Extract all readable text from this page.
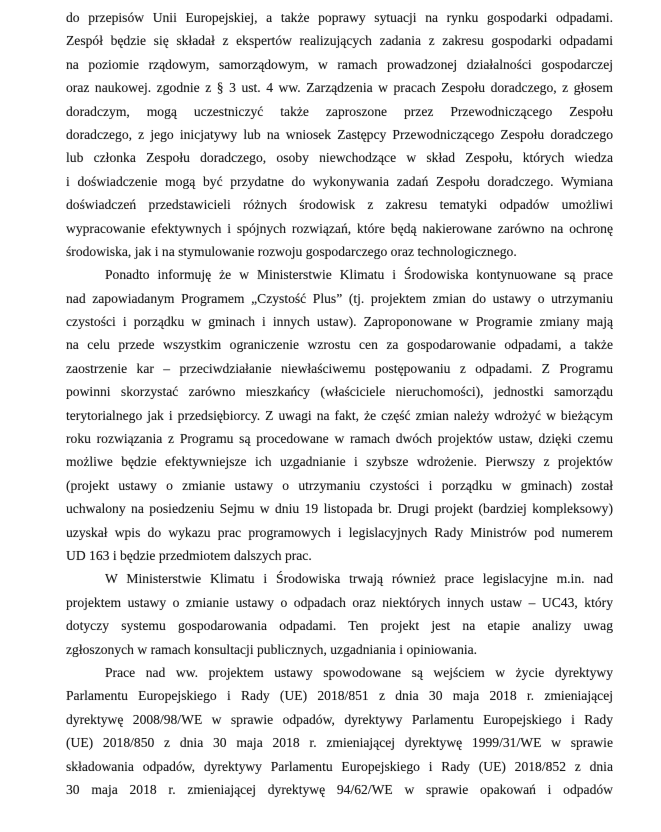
do przepisów Unii Europejskiej, a także poprawy sytuacji na rynku gospodarki odpadami.
Zespół będzie się składał z ekspertów realizujących zadania z zakresu gospodarki odpadami
na poziomie rządowym, samorządowym, w ramach prowadzonej działalności gospodarczej
oraz naukowej. zgodnie z § 3 ust. 4 ww. Zarządzenia w pracach Zespołu doradczego, z głosem
doradczym, mogą uczestniczyć także zaproszone przez Przewodniczącego Zespołu
doradczego, z jego inicjatywy lub na wniosek Zastępcy Przewodniczącego Zespołu doradczego
lub członka Zespołu doradczego, osoby niewchodzące w skład Zespołu, których wiedza
i doświadczenie mogą być przydatne do wykonywania zadań Zespołu doradczego. Wymiana
doświadczeń przedstawicieli różnych środowisk z zakresu tematyki odpadów umożliwi
wypracowanie efektywnych i spójnych rozwiązań, które będą nakierowane zarówno na ochronę
środowiska, jak i na stymulowanie rozwoju gospodarczego oraz technologicznego.
Ponadto informuję że w Ministerstwie Klimatu i Środowiska kontynuowane są prace
nad zapowiadanym Programem „Czystość Plus” (tj. projektem zmian do ustawy o utrzymaniu
czystości i porządku w gminach i innych ustaw). Zaproponowane w Programie zmiany mają
na celu przede wszystkim ograniczenie wzrostu cen za gospodarowanie odpadami, a także
zaostrzenie kar – przeciwdziałanie niewłaściwemu postępowaniu z odpadami. Z Programu
powinni skorzystać zarówno mieszkańcy (właściciele nieruchomości), jednostki samorządu
terytorialnego jak i przedsiębiorcy. Z uwagi na fakt, że część zmian należy wdrożyć w bieżącym
roku rozwiązania z Programu są procedowane w ramach dwóch projektów ustaw, dzięki czemu
możliwe będzie efektywniejsze ich uzgadnianie i szybsze wdrożenie. Pierwszy z projektów
(projekt ustawy o zmianie ustawy o utrzymaniu czystości i porządku w gminach) został
uchwalony na posiedzeniu Sejmu w dniu 19 listopada br. Drugi projekt (bardziej kompleksowy)
uzyskał wpis do wykazu prac programowych i legislacyjnych Rady Ministrów pod numerem
UD 163 i będzie przedmiotem dalszych prac.
W Ministerstwie Klimatu i Środowiska trwają również prace legislacyjne m.in. nad
projektem ustawy o zmianie ustawy o odpadach oraz niektórych innych ustaw – UC43, który
dotyczy systemu gospodarowania odpadami. Ten projekt jest na etapie analizy uwag
zgłoszonych w ramach konsultacji publicznych, uzgadniania i opiniowania.
Prace nad ww. projektem ustawy spowodowane są wejściem w życie dyrektywy
Parlamentu Europejskiego i Rady (UE) 2018/851 z dnia 30 maja 2018 r. zmieniającej
dyrektywę 2008/98/WE w sprawie odpadów, dyrektywy Parlamentu Europejskiego i Rady
(UE) 2018/850 z dnia 30 maja 2018 r. zmieniającej dyrektywę 1999/31/WE w sprawie
składowania odpadów, dyrektywy Parlamentu Europejskiego i Rady (UE) 2018/852 z dnia
30 maja 2018 r. zmieniającej dyrektywę 94/62/WE w sprawie opakowań i odpadów
